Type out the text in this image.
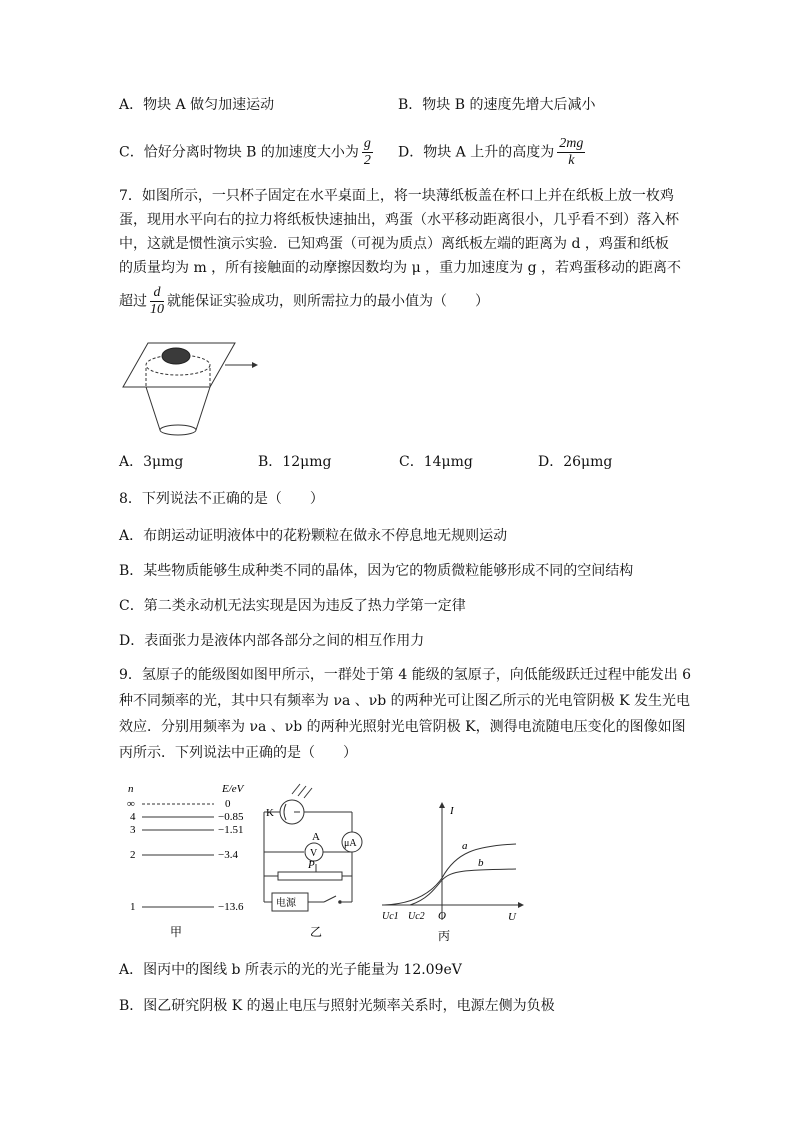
A．物块 A 做匀加速运动	B．物块 B 的速度先增大后减小
C．恰好分离时物块 B 的加速度大小为 $\frac{g}{2}$ D．物块 A 上升的高度为 $\frac{2mg}{k}$
7．如图所示，一只杯子固定在水平桌面上，将一块薄纸板盖在杯口上并在纸板上放一枚鸡
蛋，现用水平向右的拉力将纸板快速抽出，鸡蛋（水平移动距离很小，几乎看不到）落入杯
中，这就是惯性演示实验．已知鸡蛋（可视为质点）离纸板左端的距离为 d ，鸡蛋和纸板
的质量均为 m ，所有接触面的动摩擦因数均为 μ ，重力加速度为 g ，若鸡蛋移动的距离不
超过 $\frac{d}{10}$ 就能保证实验成功，则所需拉力的最小值为（　　）
A．3μmg	B．12μmg	C．14μmg	D．26μmg
8．下列说法不正确的是（　　）
A．布朗运动证明液体中的花粉颗粒在做永不停息地无规则运动
B．某些物质能够生成种类不同的晶体，因为它的物质微粒能够形成不同的空间结构
C．第二类永动机无法实现是因为违反了热力学第一定律
D．表面张力是液体内部各部分之间的相互作用力
9．氢原子的能级图如图甲所示，一群处于第 4 能级的氢原子，向低能级跃迁过程中能发出 6
种不同频率的光，其中只有频率为 νa 、νb 的两种光可让图乙所示的光电管阴极 K 发生光电
效应．分别用频率为 νa 、νb 的两种光照射光电管阴极 K，测得电流随电压变化的图像如图
丙所示．下列说法中正确的是（　　）
n	E/eV
∞	0
4	−0.85
3	−1.51
2	−3.4
1	−13.6
甲
K
A
μA
V
P
电源
乙
I
U
a
b
Uc1 Uc2 O
丙
A．图丙中的图线 b 所表示的光的光子能量为 12.09eV
B．图乙研究阴极 K 的遏止电压与照射光频率关系时，电源左侧为负极
